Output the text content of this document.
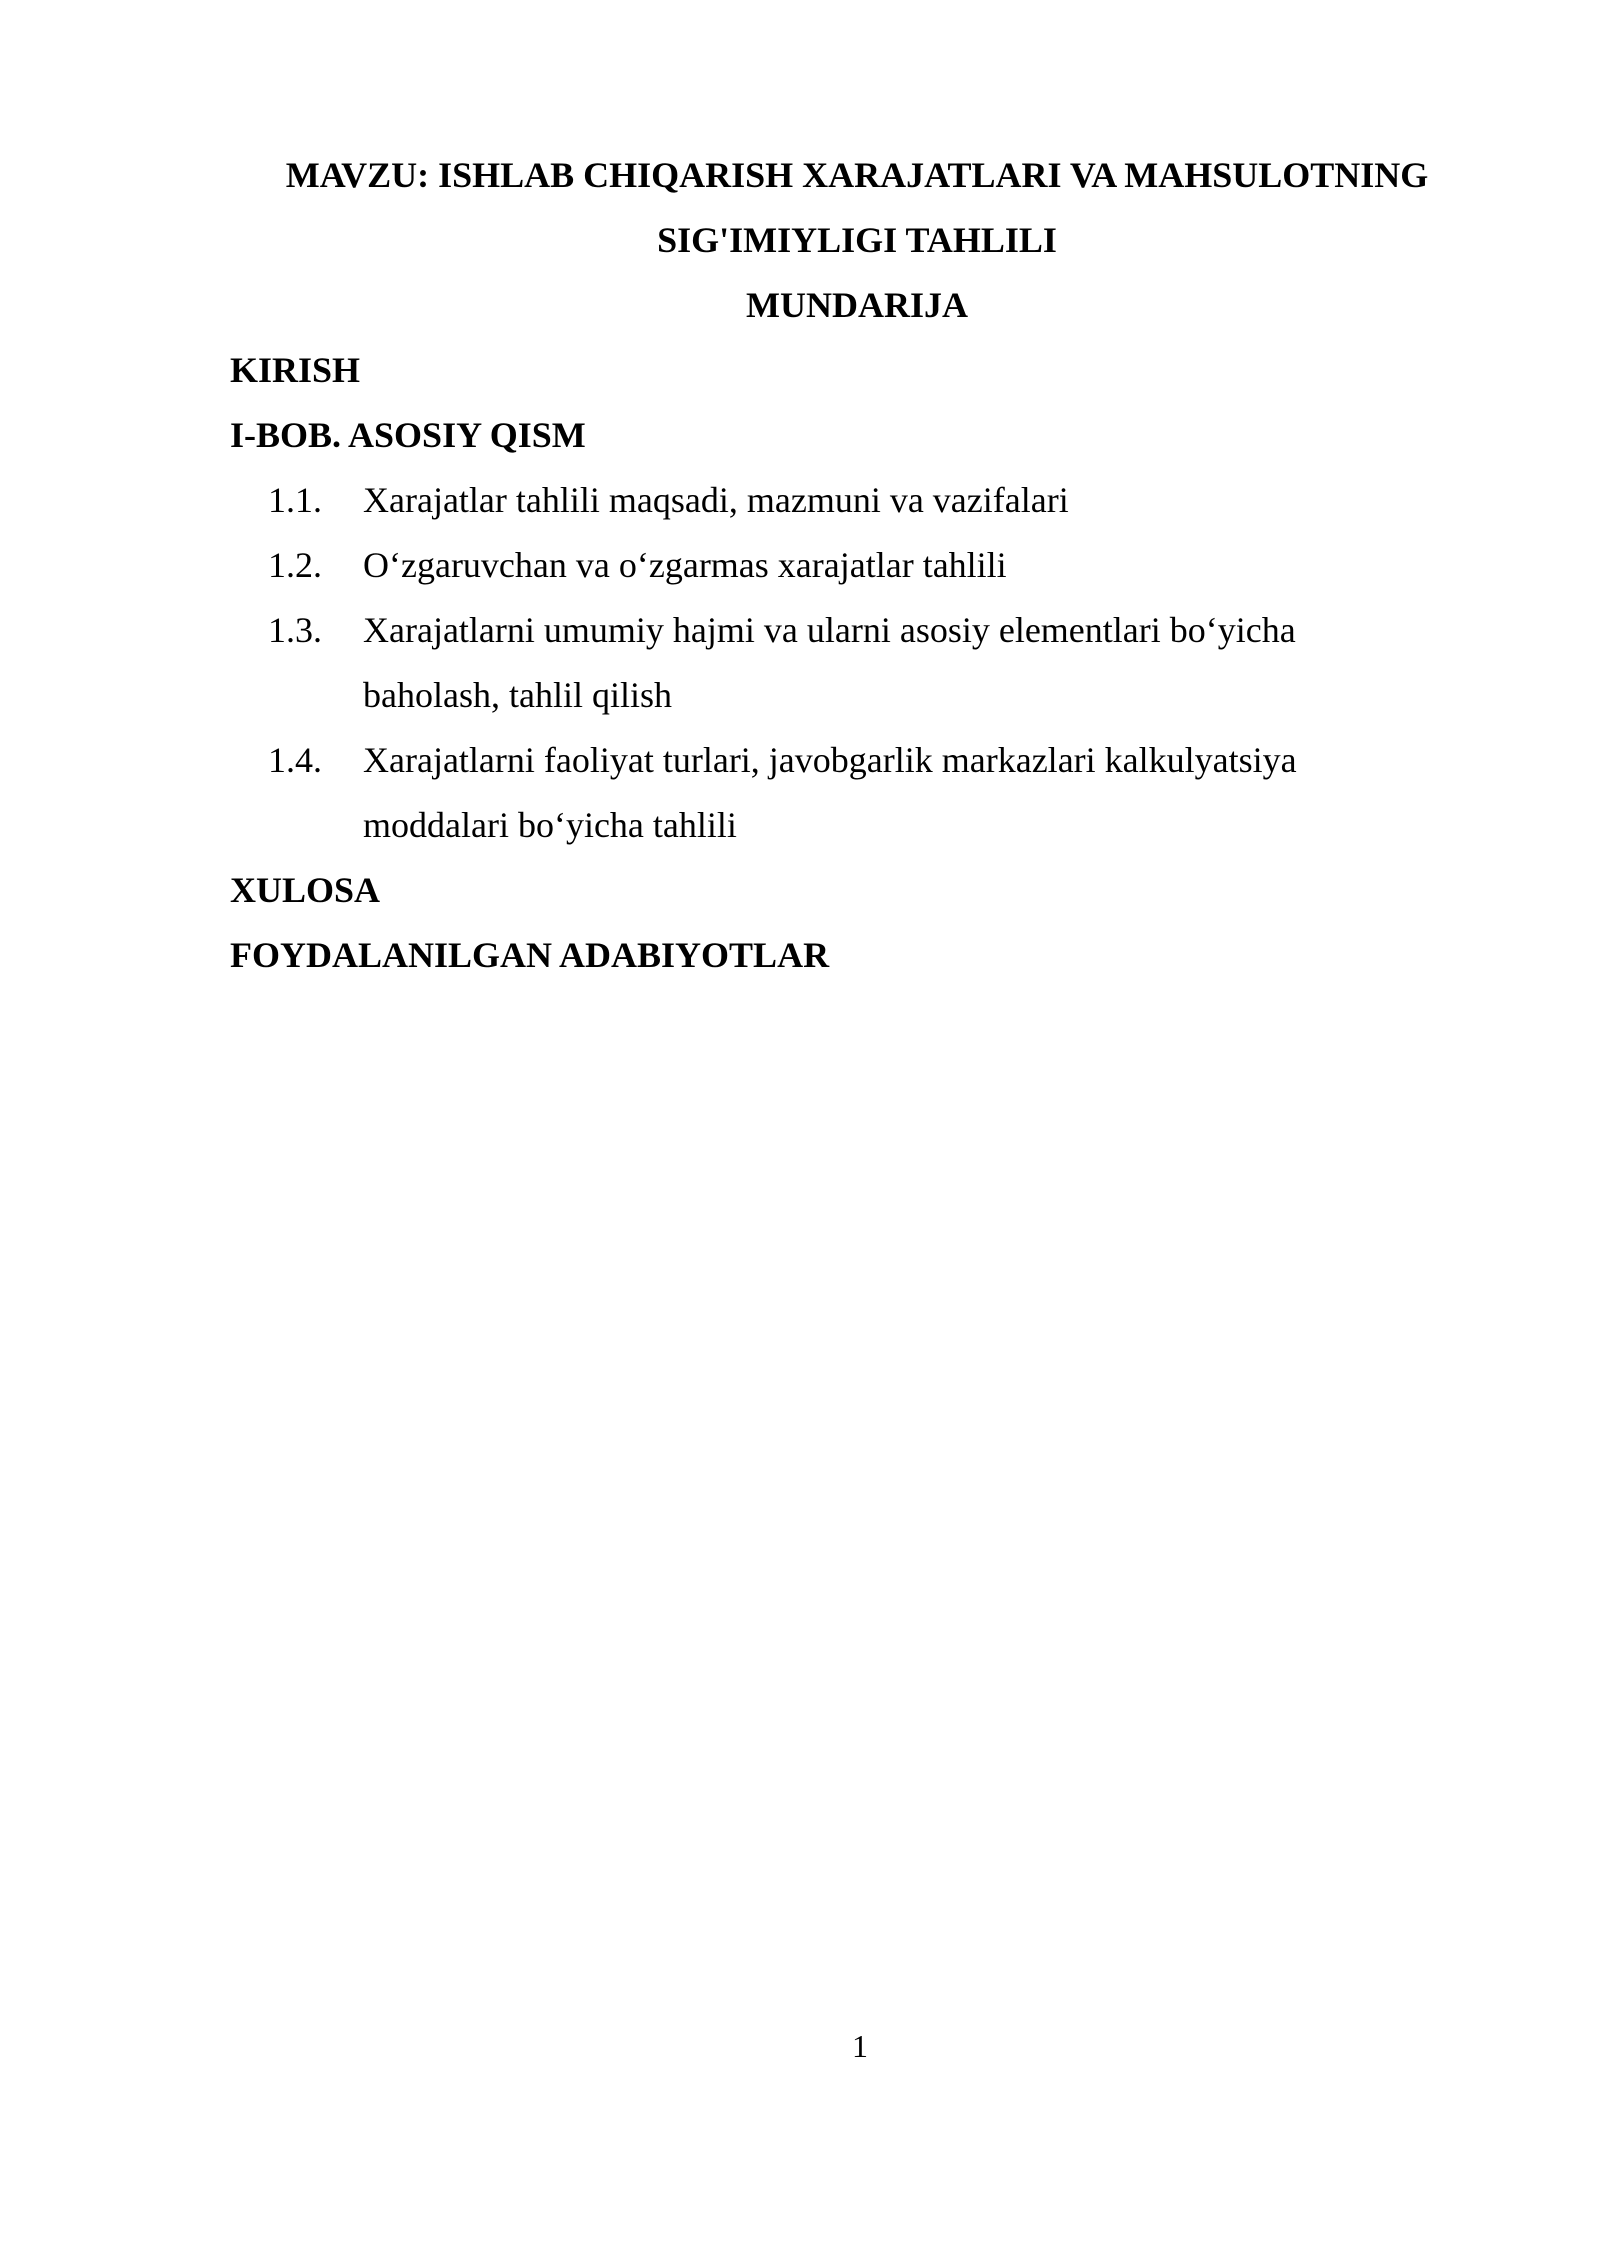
MAVZU: ISHLAB CHIQARISH XARAJATLARI VA MAHSULOTNING
SIG'IMIYLIGI TAHLILI
MUNDARIJA
KIRISH
I-BOB. ASOSIY QISM
1.1. Xarajatlar tahlili maqsadi, mazmuni va vazifalari
1.2. O‘zgaruvchan va o‘zgarmas xarajatlar tahlili
1.3. Xarajatlarni umumiy hajmi va ularni asosiy elementlari bo‘yicha
baholash, tahlil qilish
1.4. Xarajatlarni faoliyat turlari, javobgarlik markazlari kalkulyatsiya
moddalari bo‘yicha tahlili
XULOSA
FOYDALANILGAN ADABIYOTLAR
1
